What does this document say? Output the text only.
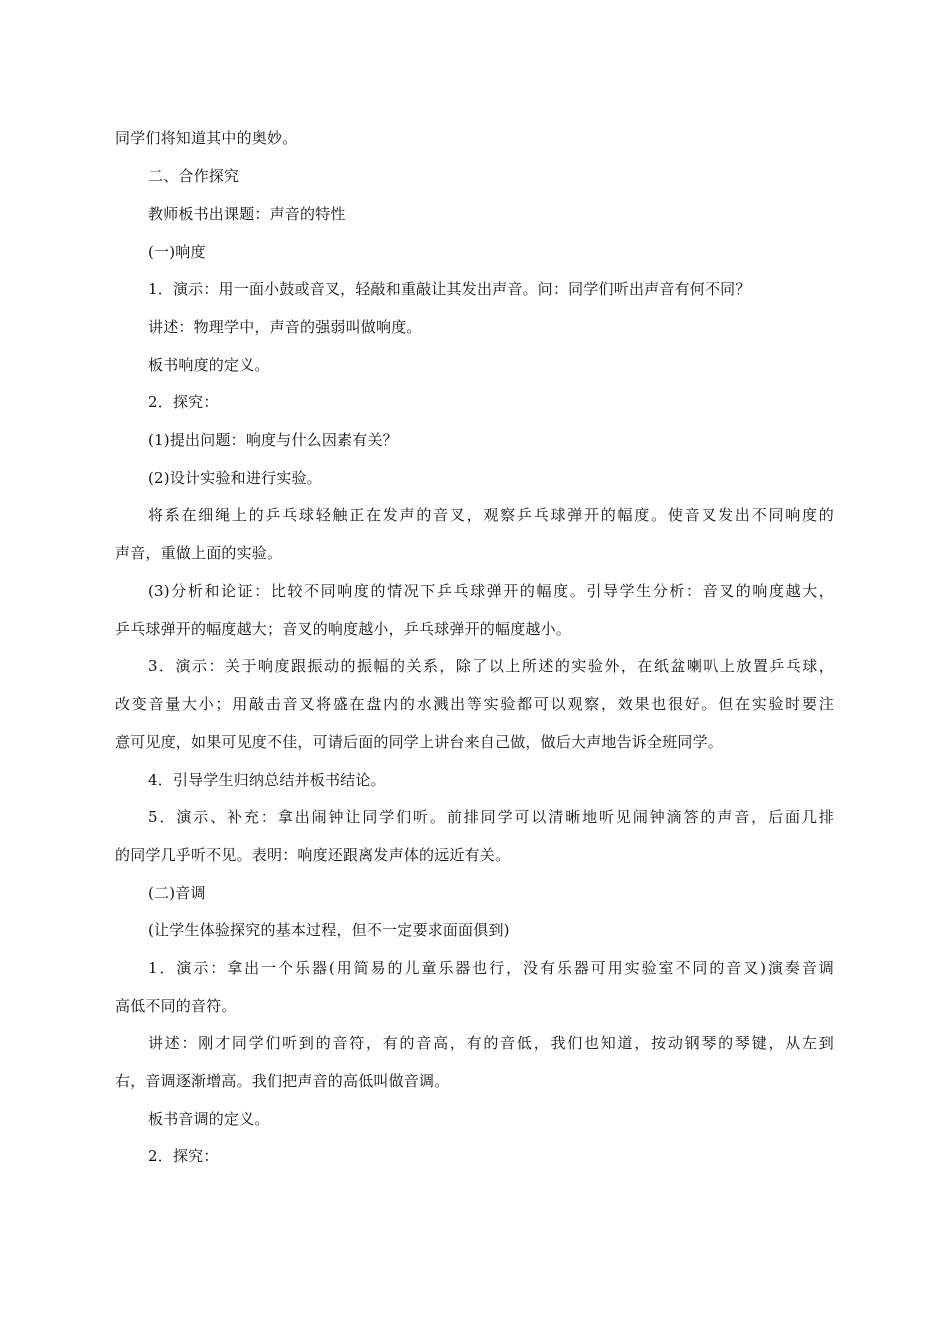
同学们将知道其中的奥妙。
二、合作探究
教师板书出课题：声音的特性
(一)响度
1．演示：用一面小鼓或音叉，轻敲和重敲让其发出声音。问：同学们听出声音有何不同？
讲述：物理学中，声音的强弱叫做响度。
板书响度的定义。
2．探究：
(1)提出问题：响度与什么因素有关？
(2)设计实验和进行实验。
将系在细绳上的乒乓球轻触正在发声的音叉，观察乒乓球弹开的幅度。使音叉发出不同响度的
声音，重做上面的实验。
(3)分析和论证：比较不同响度的情况下乒乓球弹开的幅度。引导学生分析：音叉的响度越大，
乒乓球弹开的幅度越大；音叉的响度越小，乒乓球弹开的幅度越小。
3．演示：关于响度跟振动的振幅的关系，除了以上所述的实验外，在纸盆喇叭上放置乒乓球，
改变音量大小；用敲击音叉将盛在盘内的水溅出等实验都可以观察，效果也很好。但在实验时要注
意可见度，如果可见度不佳，可请后面的同学上讲台来自己做，做后大声地告诉全班同学。
4．引导学生归纳总结并板书结论。
5．演示、补充：拿出闹钟让同学们听。前排同学可以清晰地听见闹钟滴答的声音，后面几排
的同学几乎听不见。表明：响度还跟离发声体的远近有关。
(二)音调
(让学生体验探究的基本过程，但不一定要求面面俱到)
1．演示：拿出一个乐器(用简易的儿童乐器也行，没有乐器可用实验室不同的音叉)演奏音调
高低不同的音符。
讲述：刚才同学们听到的音符，有的音高，有的音低，我们也知道，按动钢琴的琴键，从左到
右，音调逐渐增高。我们把声音的高低叫做音调。
板书音调的定义。
2．探究：
